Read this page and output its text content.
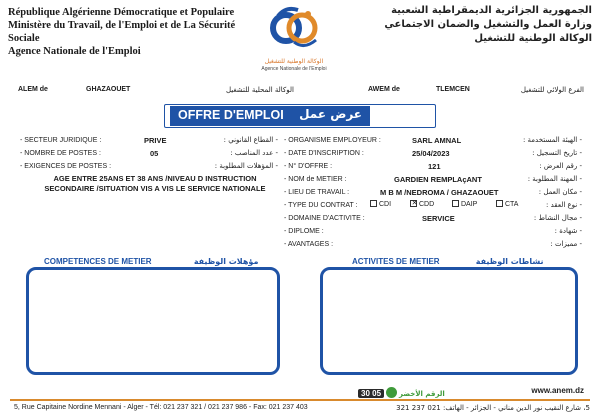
République Algérienne Démocratique et Populaire
Ministère du Travail, de l'Emploi et de La Sécurité Sociale
Agence Nationale de l'Emploi
الوكالة الوطنية للتشغيل
Agence Nationale de l'Emploi
الجمهورية الجزائرية الديمقراطية الشعبية
وزارة العمل والتشغيل والضمان الاجتماعي
الوكالة الوطنية للتشغيل
ALEM de	GHAZAOUET	الوكالة المحلية للتشغيل	AWEM de	TLEMCEN	الفرع الولائي للتشغيل
OFFRE D'EMPLOI عرض عمل
- SECTEUR JURIDIQUE :	PRIVE	- القطاع القانوني :
- NOMBRE DE POSTES :	05	- عدد المناصب :
- EXIGENCES DE POSTES :	- المؤهلات المطلوبة :
AGE ENTRE 25ANS ET 38 ANS /NIVEAU D INSTRUCTION
SECONDAIRE /SITUATION VIS A VIS LE SERVICE NATIONALE
- ORGANISME EMPLOYEUR :	SARL AMNAL	- الهيئة المستخدمة :
- DATE D'INSCRIPTION :	25/04/2023	- تاريخ التسجيل :
- N° D'OFFRE :	121	- رقم العرض :
- NOM de METIER :	GARDIEN REMPLAçANT	- المهنة المطلوبة :
- LIEU DE TRAVAIL :	M B M /NEDROMA / GHAZAOUET	- مكان العمل :
- TYPE DU CONTRAT :	- نوع العقد :
CDI
✕	CDD	DAIP	CTA
- DOMAINE D'ACTIVITE :	SERVICE	- مجال النشاط :
- DIPLOME :	- شهادة :
- AVANTAGES :	- مميزات :
COMPETENCES DE METIER	مؤهلات الوظيفة	ACTIVITES DE METIER	نشاطات الوظيفة
30 05	الرقم الأخضر	www.anem.dz
5, Rue Capitaine Nordine Mennani - Alger - Tél: 021 237 321 / 021 237 986 - Fax: 021 237 403	5، شارع النقيب نور الدين مناني - الجزائر - الهاتف: 021 237 321
